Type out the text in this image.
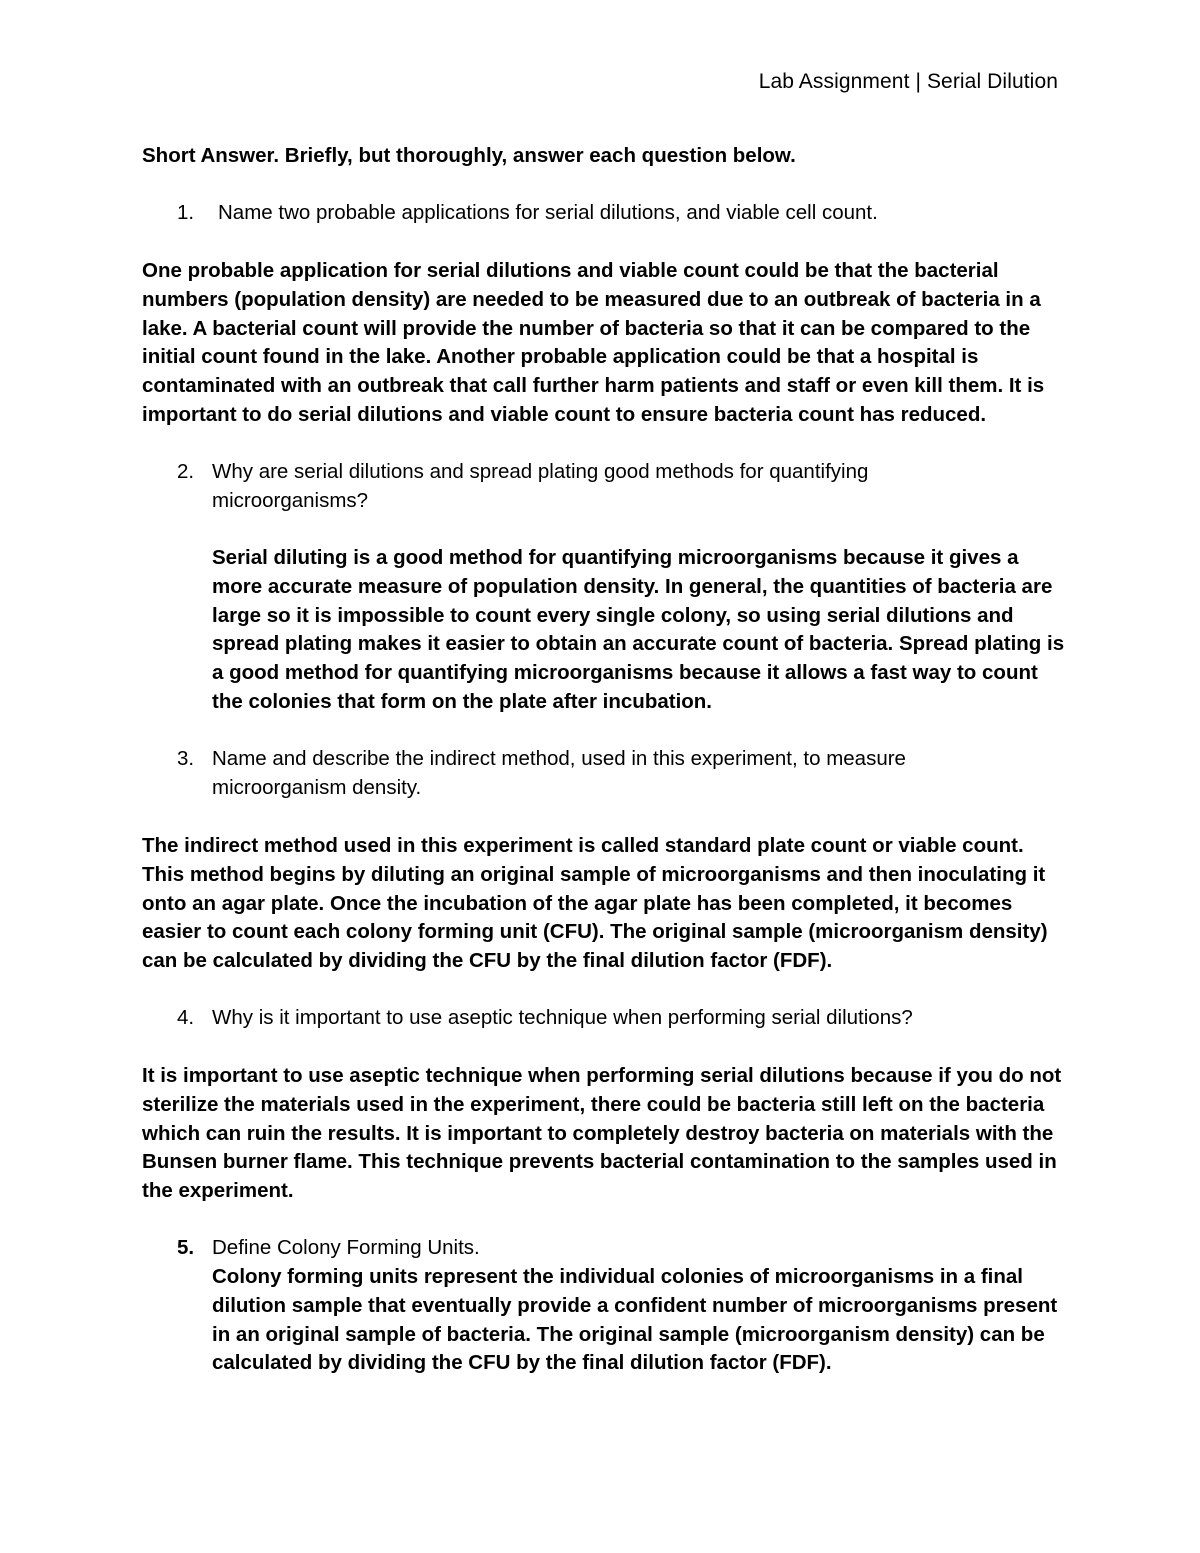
Lab Assignment | Serial Dilution
Short Answer. Briefly, but thoroughly, answer each question below.
1. Name two probable applications for serial dilutions, and viable cell count.
One probable application for serial dilutions and viable count could be that the bacterial numbers (population density) are needed to be measured due to an outbreak of bacteria in a lake. A bacterial count will provide the number of bacteria so that it can be compared to the initial count found in the lake. Another probable application could be that a hospital is contaminated with an outbreak that call further harm patients and staff or even kill them. It is important to do serial dilutions and viable count to ensure bacteria count has reduced.
2. Why are serial dilutions and spread plating good methods for quantifying microorganisms?
Serial diluting is a good method for quantifying microorganisms because it gives a more accurate measure of population density. In general, the quantities of bacteria are large so it is impossible to count every single colony, so using serial dilutions and spread plating makes it easier to obtain an accurate count of bacteria. Spread plating is a good method for quantifying microorganisms because it allows a fast way to count the colonies that form on the plate after incubation.
3. Name and describe the indirect method, used in this experiment, to measure microorganism density.
The indirect method used in this experiment is called standard plate count or viable count. This method begins by diluting an original sample of microorganisms and then inoculating it onto an agar plate. Once the incubation of the agar plate has been completed, it becomes easier to count each colony forming unit (CFU). The original sample (microorganism density) can be calculated by dividing the CFU by the final dilution factor (FDF).
4. Why is it important to use aseptic technique when performing serial dilutions?
It is important to use aseptic technique when performing serial dilutions because if you do not sterilize the materials used in the experiment, there could be bacteria still left on the bacteria which can ruin the results. It is important to completely destroy bacteria on materials with the Bunsen burner flame. This technique prevents bacterial contamination to the samples used in the experiment.
5. Define Colony Forming Units.
Colony forming units represent the individual colonies of microorganisms in a final dilution sample that eventually provide a confident number of microorganisms present in an original sample of bacteria. The original sample (microorganism density) can be calculated by dividing the CFU by the final dilution factor (FDF).
